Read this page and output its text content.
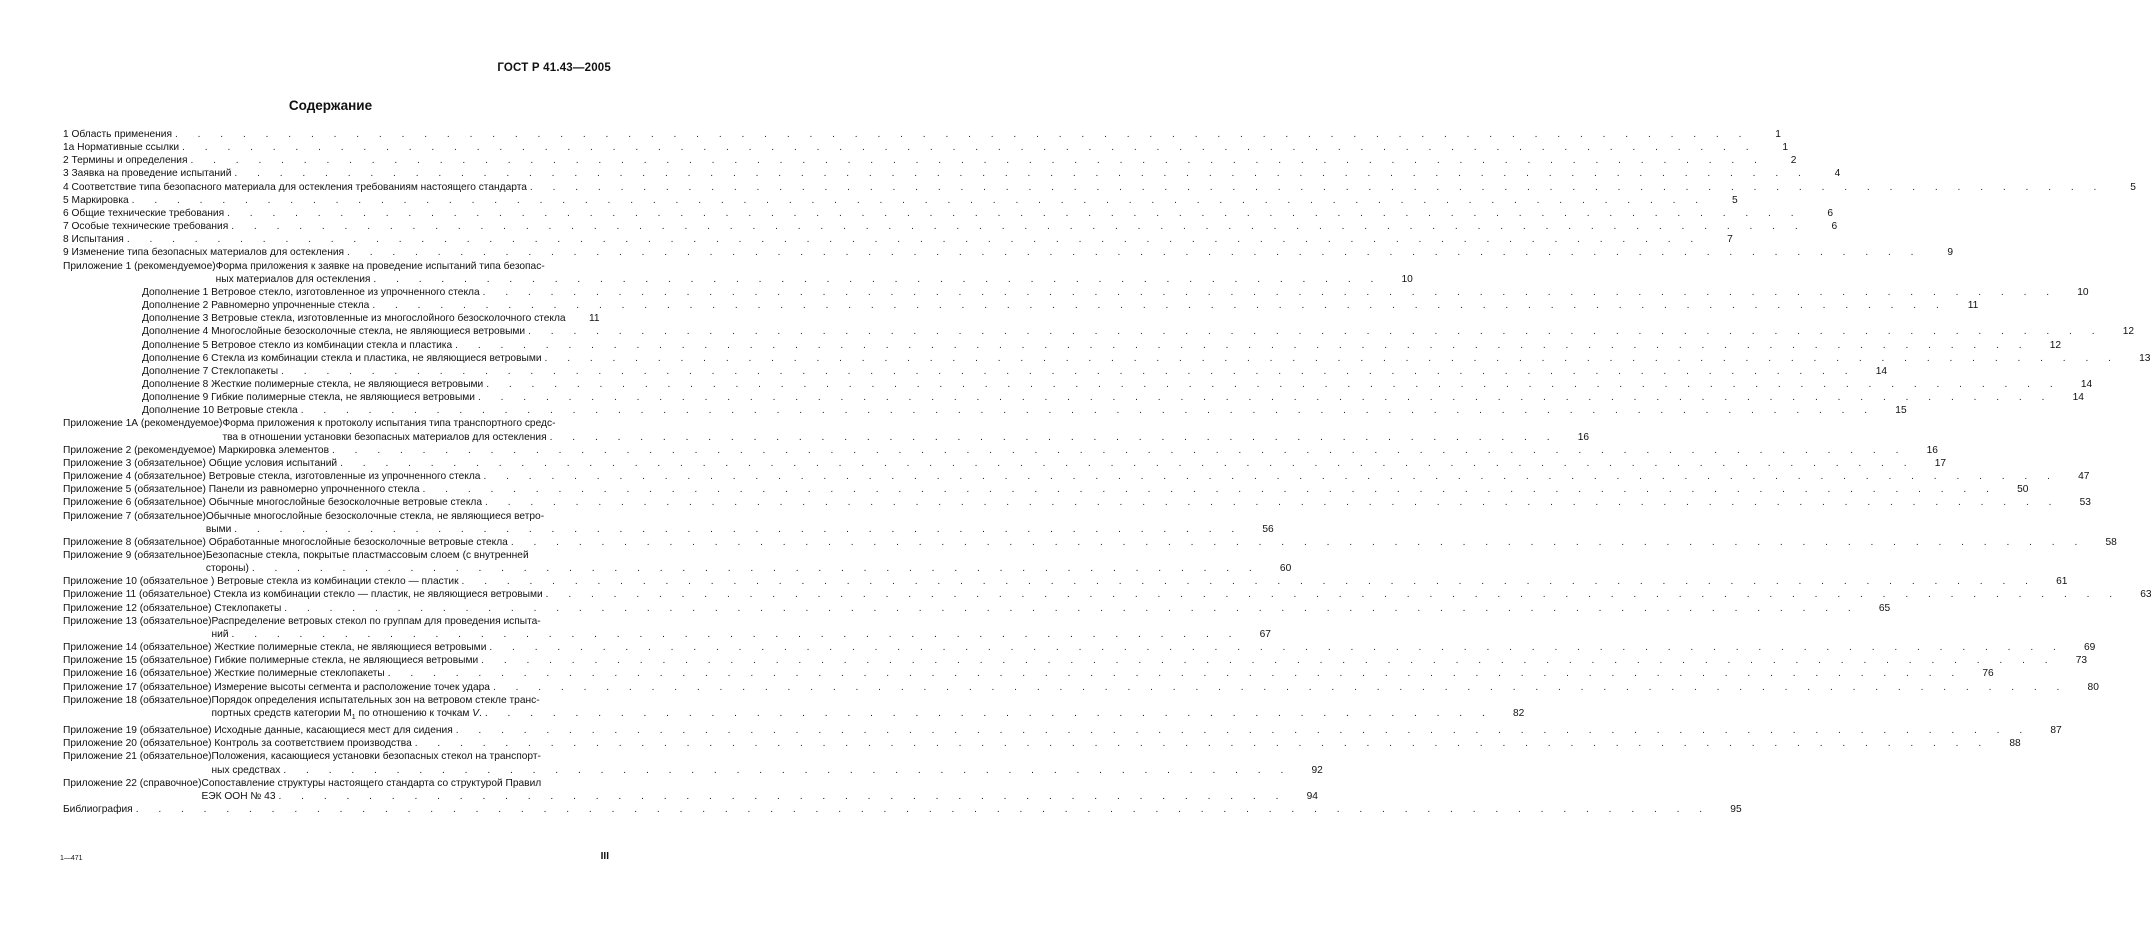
ГОСТ Р 41.43—2005
Содержание
1 Область применения . . .	1
1а Нормативные ссылки . . .	1
2 Термины и определения . . .	2
3 Заявка на проведение испытаний . . .	4
4 Соответствие типа безопасного материала для остекления требованиям настоящего стандарта . . .	5
5 Маркировка . . .	5
6 Общие технические требования . . .	6
7 Особые технические требования . . .	6
8 Испытания . . .	7
9 Изменение типа безопасных материалов для остекления . . .	9
Приложение 1 (рекомендуемое) Форма приложения к заявке на проведение испытаний типа безопас-
ных материалов для остекления . . .	10
Дополнение 1 Ветровое стекло, изготовленное из упрочненного стекла . . .	10
Дополнение 2 Равномерно упрочненные стекла . . .	11
Дополнение 3 Ветровые стекла, изготовленные из многослойного безосколочного стекла	11
Дополнение 4 Многослойные безосколочные стекла, не являющиеся ветровыми . . .	12
Дополнение 5 Ветровое стекло из комбинации стекла и пластика . . .	12
Дополнение 6 Стекла из комбинации стекла и пластика, не являющиеся ветровыми . . .	13
Дополнение 7 Стеклопакеты . . .	14
Дополнение 8 Жесткие полимерные стекла, не являющиеся ветровыми . . .	14
Дополнение 9 Гибкие полимерные стекла, не являющиеся ветровыми . . .	14
Дополнение 10 Ветровые стекла . . .	15
Приложение 1А (рекомендуемое) Форма приложения к протоколу испытания типа транспортного средс-
тва в отношении установки безопасных материалов для остекления . . .	16
Приложение 2 (рекомендуемое) Маркировка элементов . . .	16
Приложение 3 (обязательное) Общие условия испытаний . . .	17
Приложение 4 (обязательное) Ветровые стекла, изготовленные из упрочненного стекла . . .	47
Приложение 5 (обязательное) Панели из равномерно упрочненного стекла . . .	50
Приложение 6 (обязательное) Обычные многослойные безосколочные ветровые стекла . . .	53
Приложение 7 (обязательное) Обычные многослойные безосколочные стекла, не являющиеся ветро-
выми . . .	56
Приложение 8 (обязательное) Обработанные многослойные безосколочные ветровые стекла . . .	58
Приложение 9 (обязательное) Безопасные стекла, покрытые пластмассовым слоем (с внутренней
стороны) . . .	60
Приложение 10 (обязательное ) Ветровые стекла из комбинации стекло — пластик . . .	61
Приложение 11 (обязательное) Стекла из комбинации стекло — пластик, не являющиеся ветровыми . . .	63
Приложение 12 (обязательное) Стеклопакеты . . .	65
Приложение 13 (обязательное) Распределение ветровых стекол по группам для проведения испыта-
ний . . .	67
Приложение 14 (обязательное) Жесткие полимерные стекла, не являющиеся ветровыми . . .	69
Приложение 15 (обязательное) Гибкие полимерные стекла, не являющиеся ветровыми . . .	73
Приложение 16 (обязательное) Жесткие полимерные стеклопакеты . . .	76
Приложение 17 (обязательное) Измерение высоты сегмента и расположение точек удара . . .	80
Приложение 18 (обязательное) Порядок определения испытательных зон на ветровом стекле транс-
портных средств категории $M_1$ по отношению к точкам V. . . .	82
Приложение 19 (обязательное) Исходные данные, касающиеся мест для сидения . . .	87
Приложение 20 (обязательное) Контроль за соответствием производства . . .	88
Приложение 21 (обязательное) Положения, касающиеся установки безопасных стекол на транспорт-
ных средствах . . .	92
Приложение 22 (справочное) Сопоставление структуры настоящего стандарта со структурой Правил
ЕЭК ООН № 43 . . .	94
Библиография . . .	95
1—471	III
